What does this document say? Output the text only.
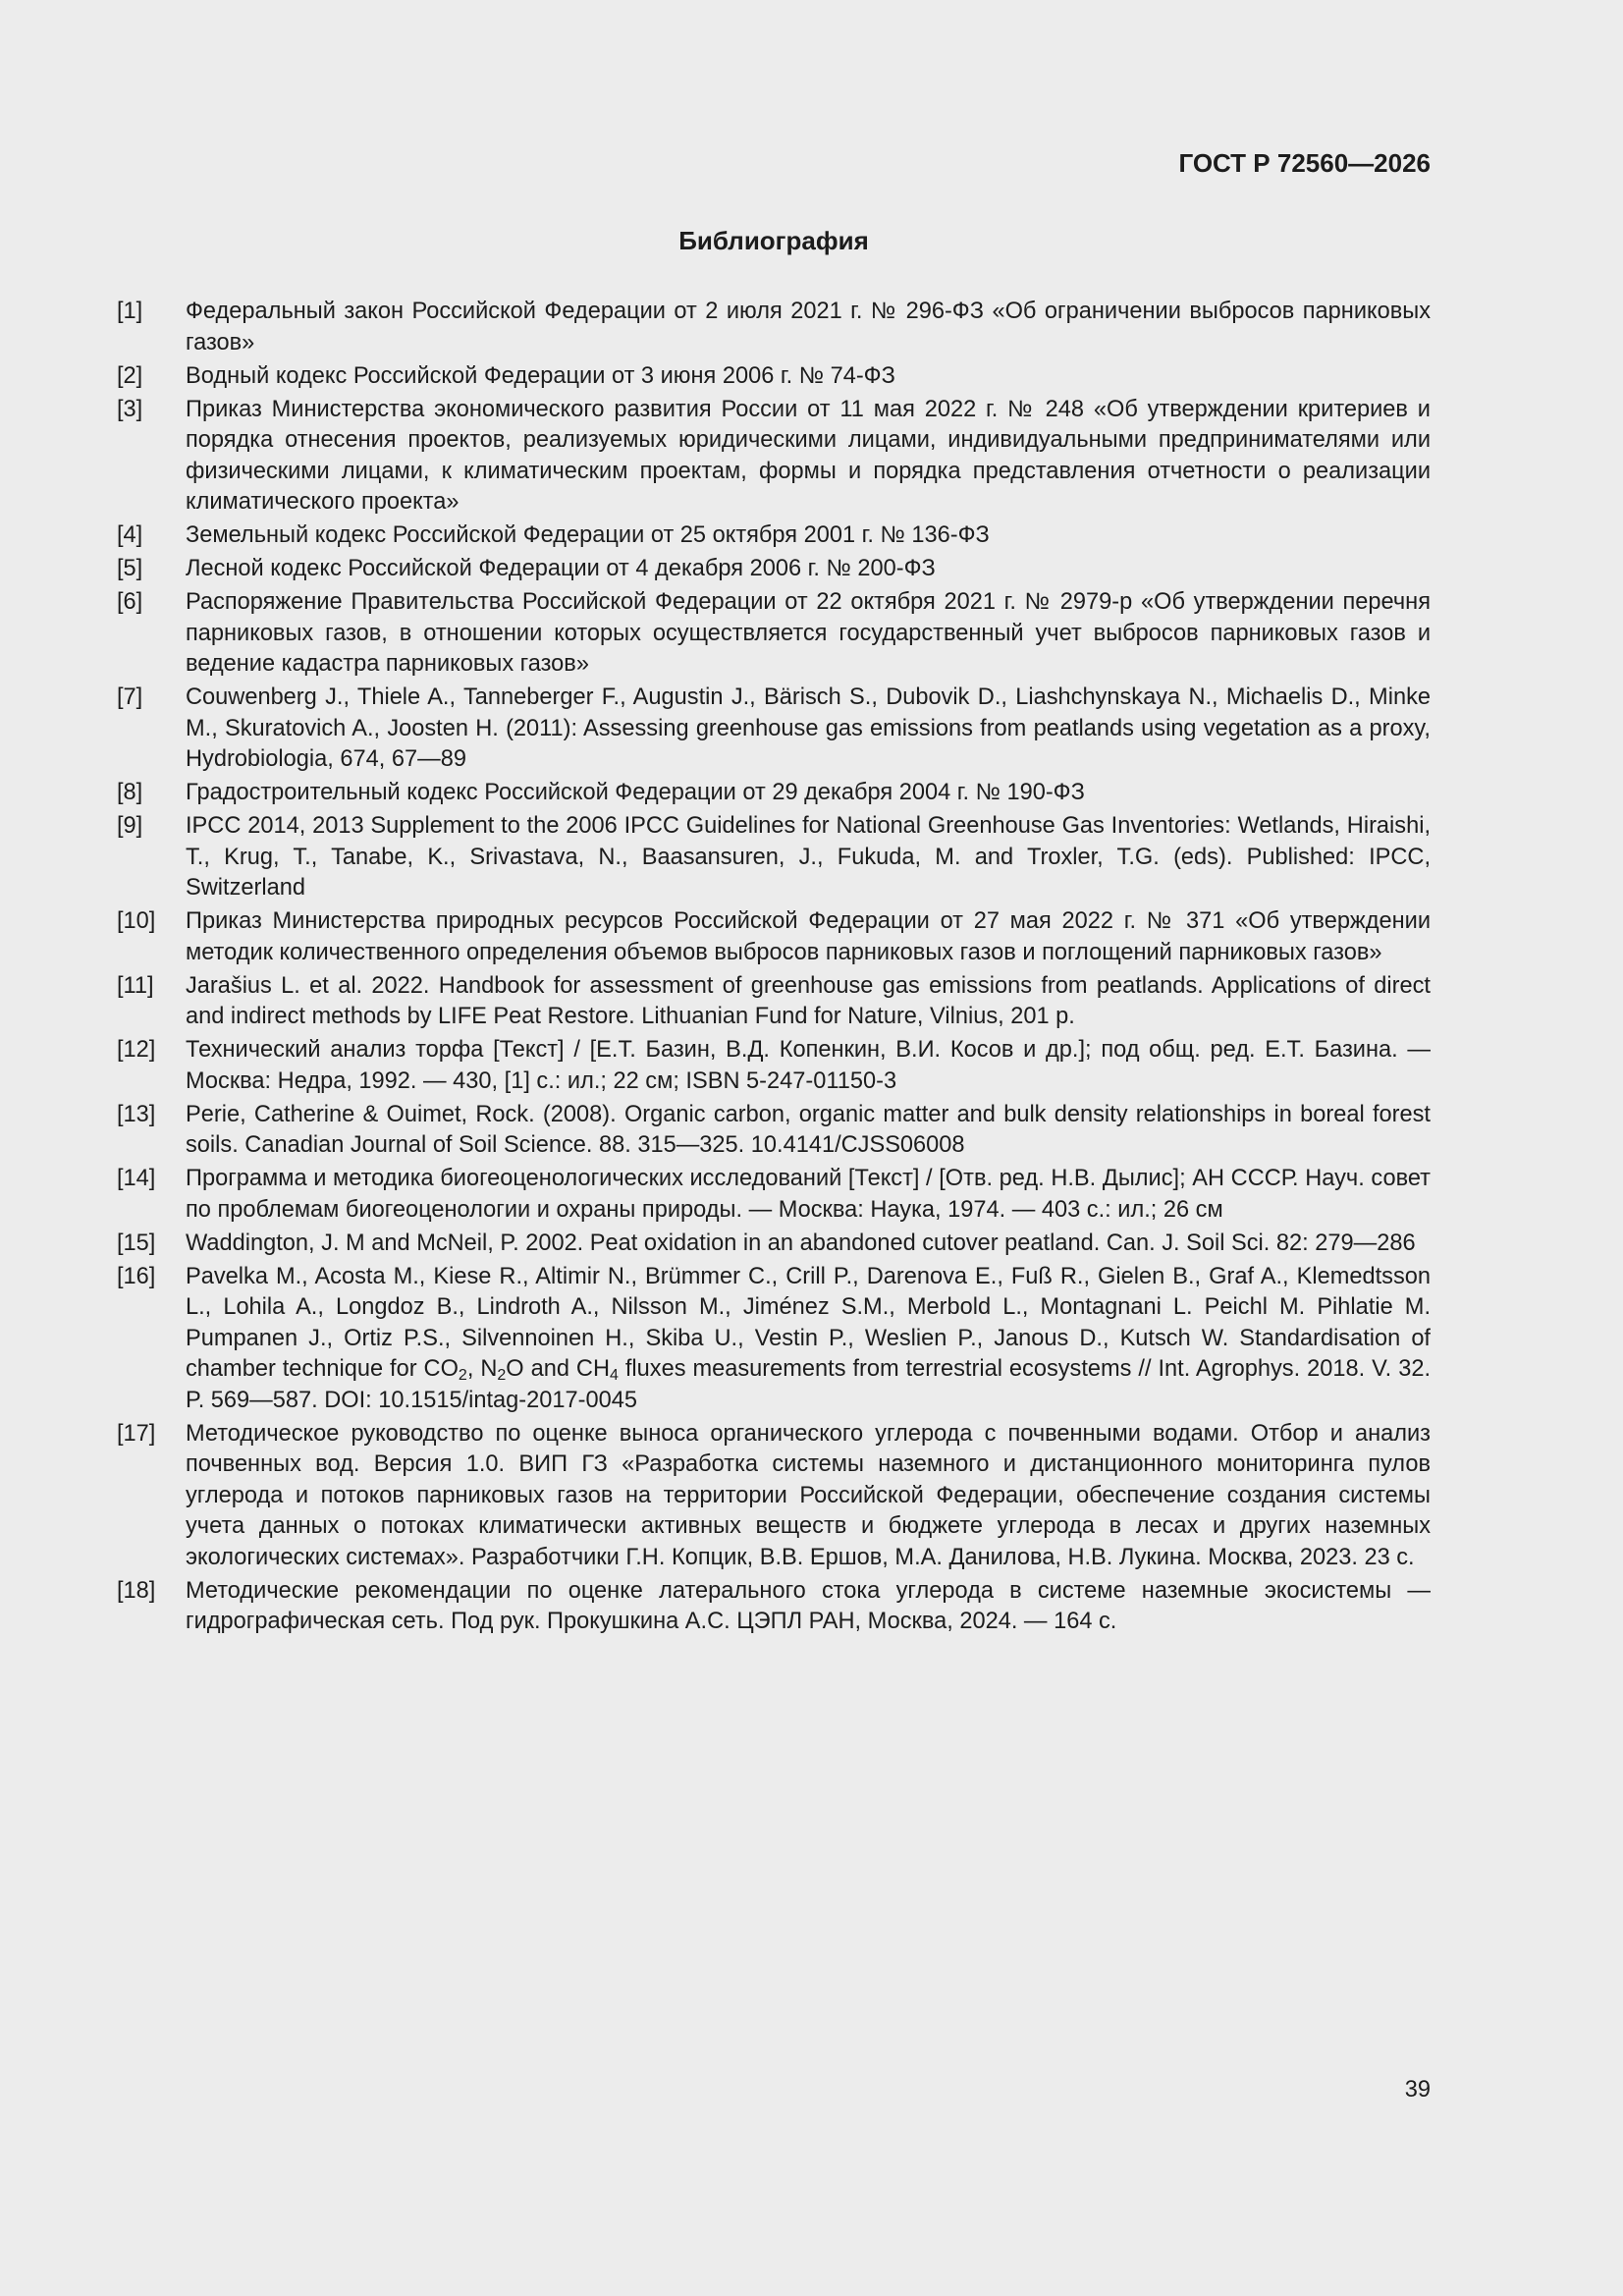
ГОСТ Р 72560—2026
Библиография
[1]	Федеральный закон Российской Федерации от 2 июля 2021 г. № 296-ФЗ «Об ограничении выбросов парниковых газов»
[2]	Водный кодекс Российской Федерации от 3 июня 2006 г. № 74-ФЗ
[3]	Приказ Министерства экономического развития России от 11 мая 2022 г. № 248 «Об утверждении критериев и порядка отнесения проектов, реализуемых юридическими лицами, индивидуальными предпринимателями или физическими лицами, к климатическим проектам, формы и порядка представления отчетности о реализации климатического проекта»
[4]	Земельный кодекс Российской Федерации от 25 октября 2001 г. № 136-ФЗ
[5]	Лесной кодекс Российской Федерации от 4 декабря 2006 г. № 200-ФЗ
[6]	Распоряжение Правительства Российской Федерации от 22 октября 2021 г. № 2979-р «Об утверждении перечня парниковых газов, в отношении которых осуществляется государственный учет выбросов парниковых газов и ведение кадастра парниковых газов»
[7]	Couwenberg J., Thiele A., Tanneberger F., Augustin J., Bärisch S., Dubovik D., Liashchynskaya N., Michaelis D., Minke M., Skuratovich A., Joosten H. (2011): Assessing greenhouse gas emissions from peatlands using vegetation as a proxy, Hydrobiologia, 674, 67—89
[8]	Градостроительный кодекс Российской Федерации от 29 декабря 2004 г. № 190-ФЗ
[9]	IPCC 2014, 2013 Supplement to the 2006 IPCC Guidelines for National Greenhouse Gas Inventories: Wetlands, Hiraishi, T., Krug, T., Tanabe, K., Srivastava, N., Baasansuren, J., Fukuda, M. and Troxler, T.G. (eds). Published: IPCC, Switzerland
[10]	Приказ Министерства природных ресурсов Российской Федерации от 27 мая 2022 г. № 371 «Об утверждении методик количественного определения объемов выбросов парниковых газов и поглощений парниковых газов»
[11]	Jarašius L. et al. 2022. Handbook for assessment of greenhouse gas emissions from peatlands. Applications of direct and indirect methods by LIFE Peat Restore. Lithuanian Fund for Nature, Vilnius, 201 p.
[12]	Технический анализ торфа [Текст] / [Е.Т. Базин, В.Д. Копенкин, В.И. Косов и др.]; под общ. ред. Е.Т. Базина. — Москва: Недра, 1992. — 430, [1] с.: ил.; 22 см; ISBN 5-247-01150-3
[13]	Perie, Catherine & Ouimet, Rock. (2008). Organic carbon, organic matter and bulk density relationships in boreal forest soils. Canadian Journal of Soil Science. 88. 315—325. 10.4141/CJSS06008
[14]	Программа и методика биогеоценологических исследований [Текст] / [Отв. ред. Н.В. Дылис]; АН СССР. Науч. совет по проблемам биогеоценологии и охраны природы. — Москва: Наука, 1974. — 403 с.: ил.; 26 см
[15]	Waddington, J. M and McNeil, P. 2002. Peat oxidation in an abandoned cutover peatland. Can. J. Soil Sci. 82: 279—286
[16]	Pavelka M., Acosta M., Kiese R., Altimir N., Brümmer C., Crill P., Darenova E., Fuß R., Gielen B., Graf A., Klemedtsson L., Lohila A., Longdoz B., Lindroth A., Nilsson M., Jiménez S.M., Merbold L., Montagnani L. Peichl M. Pihlatie M. Pumpanen J., Ortiz P.S., Silvennoinen H., Skiba U., Vestin P., Weslien P., Janous D., Kutsch W. Standardisation of chamber technique for $CO_2$, $N_2O$ and $CH_4$ fluxes measurements from terrestrial ecosystems // Int. Agrophys. 2018. V. 32. P. 569—587. DOI: 10.1515/intag-2017-0045
[17]	Методическое руководство по оценке выноса органического углерода с почвенными водами. Отбор и анализ почвенных вод. Версия 1.0. ВИП ГЗ «Разработка системы наземного и дистанционного мониторинга пулов углерода и потоков парниковых газов на территории Российской Федерации, обеспечение создания системы учета данных о потоках климатически активных веществ и бюджете углерода в лесах и других наземных экологических системах». Разработчики Г.Н. Копцик, В.В. Ершов, М.А. Данилова, Н.В. Лукина. Москва, 2023. 23 с.
[18]	Методические рекомендации по оценке латерального стока углерода в системе наземные экосистемы — гидрографическая сеть. Под рук. Прокушкина А.С. ЦЭПЛ РАН, Москва, 2024. — 164 с.
39
